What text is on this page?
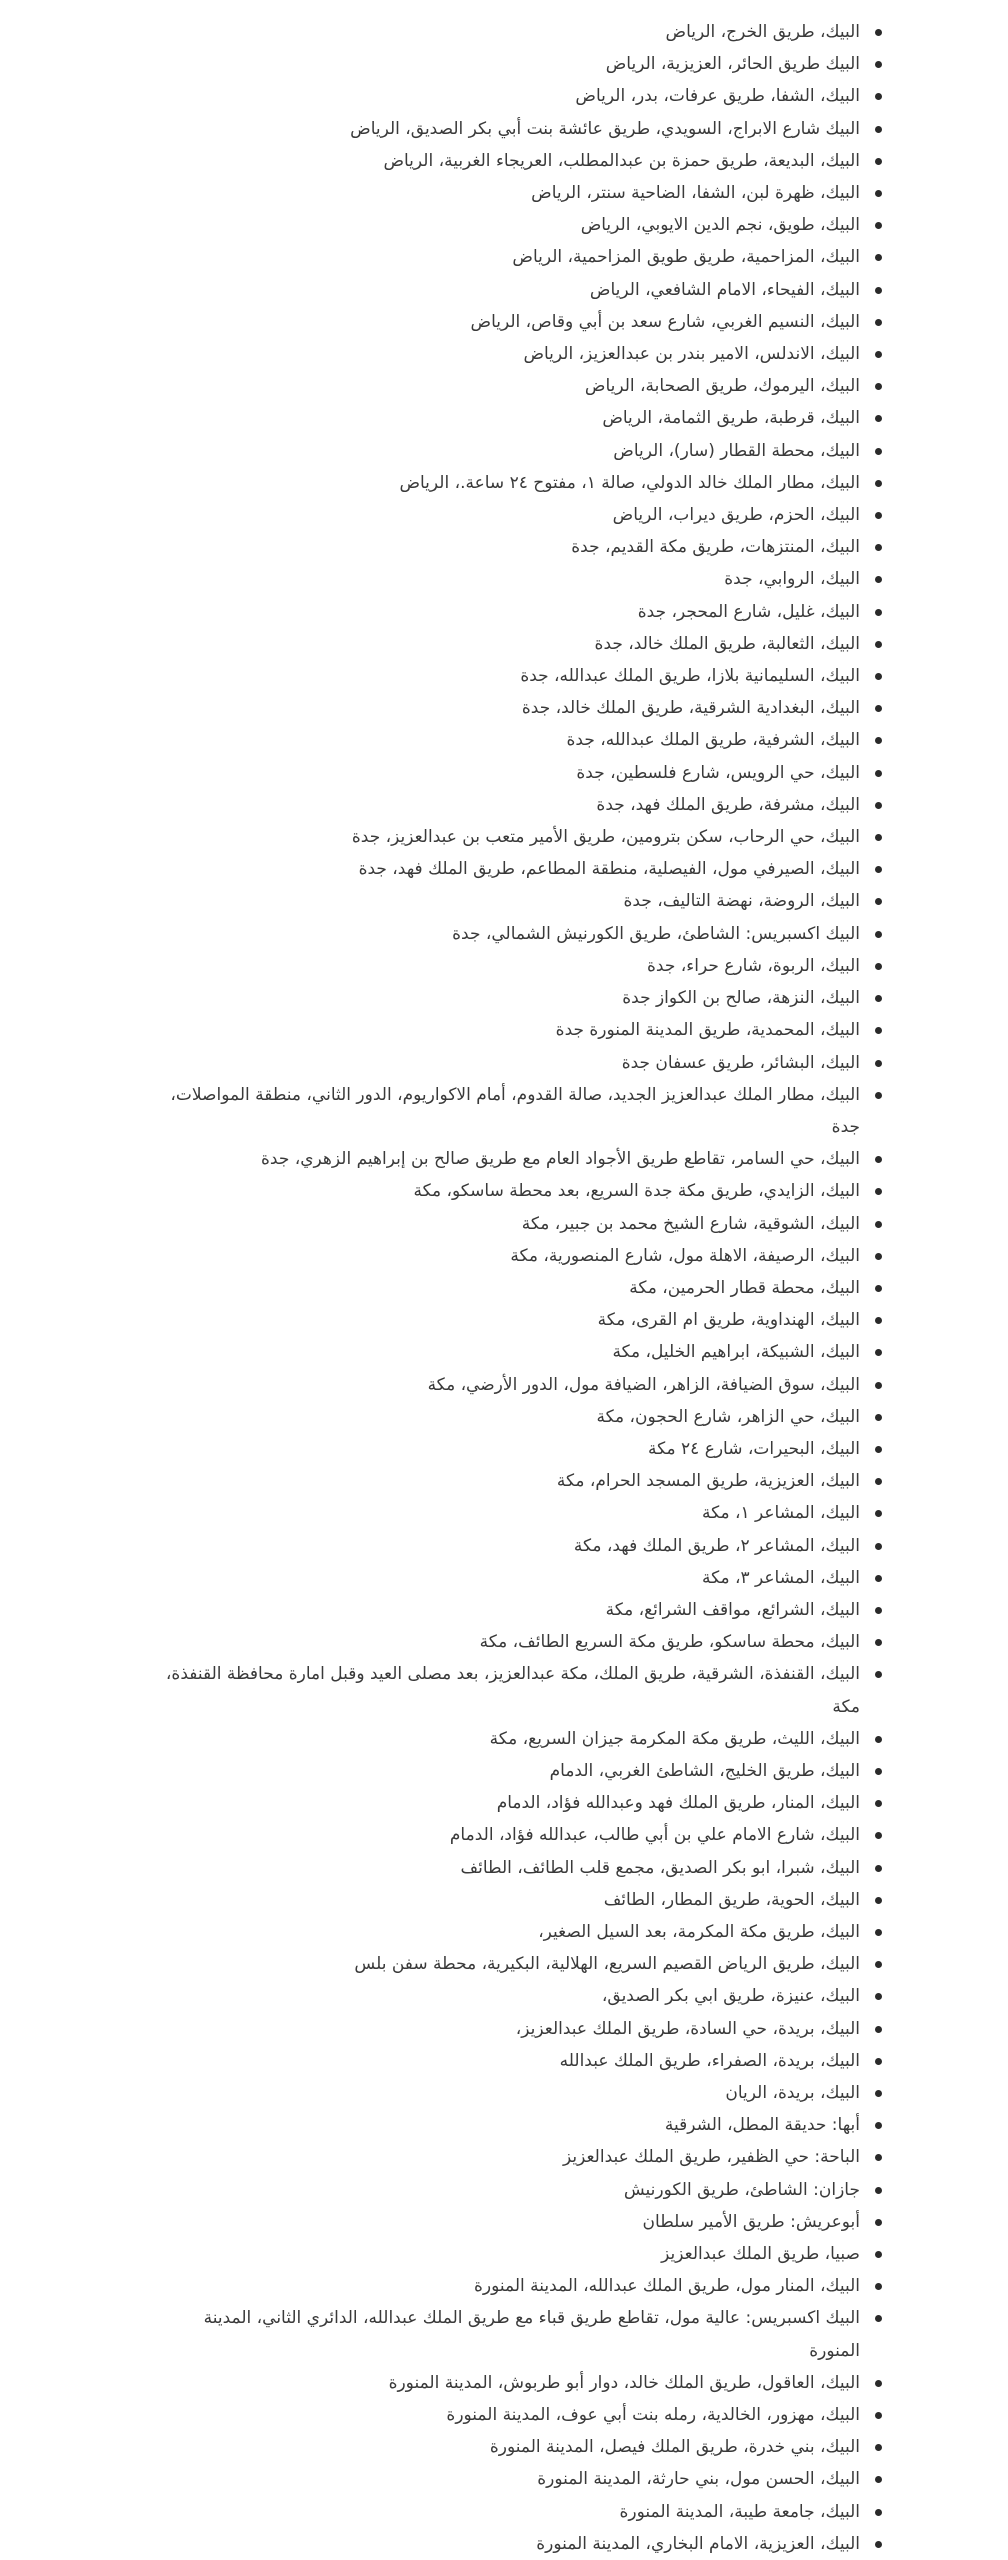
البيك، طريق الخرج، الرياض
البيك طريق الحائر، العزيزية، الرياض
البيك، الشفا، طريق عرفات، بدر، الرياض
البيك شارع الابراج، السويدي، طريق عائشة بنت أبي بكر الصديق، الرياض
البيك، البديعة، طريق حمزة بن عبدالمطلب، العريجاء الغربية، الرياض
البيك، ظهرة لبن، الشفا، الضاحية سنتر، الرياض
البيك، طويق، نجم الدين الايوبي، الرياض
البيك، المزاحمية، طريق طويق المزاحمية، الرياض
البيك، الفيحاء، الامام الشافعي، الرياض
البيك، النسيم الغربي، شارع سعد بن أبي وقاص، الرياض
البيك، الاندلس، الامير بندر بن عبدالعزيز، الرياض
البيك، اليرموك، طريق الصحابة، الرياض
البيك، قرطبة، طريق الثمامة، الرياض
البيك، محطة القطار (سار)، الرياض
البيك، مطار الملك خالد الدولي، صالة ١، مفتوح ٢٤ ساعة.، الرياض
البيك، الحزم، طريق ديراب، الرياض
البيك، المنتزهات، طريق مكة القديم، جدة
البيك، الروابي، جدة
البيك، غليل، شارع المحجر، جدة
البيك، الثعالبة، طريق الملك خالد، جدة
البيك، السليمانية بلازا، طريق الملك عبدالله، جدة
البيك، البغدادية الشرقية، طريق الملك خالد، جدة
البيك، الشرفية، طريق الملك عبدالله، جدة
البيك، حي الرويس، شارع فلسطين، جدة
البيك، مشرفة، طريق الملك فهد، جدة
البيك، حي الرحاب، سكن بترومين، طريق الأمير متعب بن عبدالعزيز، جدة
البيك، الصيرفي مول، الفيصلية، منطقة المطاعم، طريق الملك فهد، جدة
البيك، الروضة، نهضة التاليف، جدة
البيك اكسبريس: الشاطئ، طريق الكورنيش الشمالي، جدة
البيك، الربوة، شارع حراء، جدة
البيك، النزهة، صالح بن الكواز جدة
البيك، المحمدية، طريق المدينة المنورة جدة
البيك، البشائر، طريق عسفان جدة
البيك، مطار الملك عبدالعزيز الجديد، صالة القدوم، أمام الاكواريوم، الدور الثاني، منطقة المواصلات، جدة
البيك، حي السامر، تقاطع طريق الأجواد العام مع طريق صالح بن إبراهيم الزهري، جدة
البيك، الزايدي، طريق مكة جدة السريع، بعد محطة ساسكو، مكة
البيك، الشوقية، شارع الشيخ محمد بن جبير، مكة
البيك، الرصيفة، الاهلة مول، شارع المنصورية، مكة
البيك، محطة قطار الحرمين، مكة
البيك، الهنداوية، طريق ام القرى، مكة
البيك، الشبيكة، ابراهيم الخليل، مكة
البيك، سوق الضيافة، الزاهر، الضيافة مول، الدور الأرضي، مكة
البيك، حي الزاهر، شارع الحجون، مكة
البيك، البحيرات، شارع ٢٤ مكة
البيك، العزيزية، طريق المسجد الحرام، مكة
البيك، المشاعر ١، مكة
البيك، المشاعر ٢، طريق الملك فهد، مكة
البيك، المشاعر ٣، مكة
البيك، الشرائع، مواقف الشرائع، مكة
البيك، محطة ساسكو، طريق مكة السريع الطائف، مكة
البيك، القنفذة، الشرقية، طريق الملك، مكة عبدالعزيز، بعد مصلى العيد وقبل امارة محافظة القنفذة، مكة
البيك، الليث، طريق مكة المكرمة جيزان السريع، مكة
البيك، طريق الخليج، الشاطئ الغربي، الدمام
البيك، المنار، طريق الملك فهد وعبدالله فؤاد، الدمام
البيك، شارع الامام علي بن أبي طالب، عبدالله فؤاد، الدمام
البيك، شبرا، ابو بكر الصديق، مجمع قلب الطائف، الطائف
البيك، الحوية، طريق المطار، الطائف
البيك، طريق مكة المكرمة، بعد السيل الصغير،
البيك، طريق الرياض القصيم السريع، الهلالية، البكيرية، محطة سفن بلس
البيك، عنيزة، طريق ابي بكر الصديق،
البيك، بريدة، حي السادة، طريق الملك عبدالعزيز،
البيك، بريدة، الصفراء، طريق الملك عبدالله
البيك، بريدة، الريان
أبها: حديقة المطل، الشرقية
الباحة: حي الظفير، طريق الملك عبدالعزيز
جازان: الشاطئ، طريق الكورنيش
أبوعريش: طريق الأمير سلطان
صبيا، طريق الملك عبدالعزيز
البيك، المنار مول، طريق الملك عبدالله، المدينة المنورة
البيك اكسبريس: عالية مول، تقاطع طريق قباء مع طريق الملك عبدالله، الدائري الثاني، المدينة المنورة
البيك، العاقول، طريق الملك خالد، دوار أبو طربوش، المدينة المنورة
البيك، مهزور، الخالدية، رمله بنت أبي عوف، المدينة المنورة
البيك، بني خدرة، طريق الملك فيصل، المدينة المنورة
البيك، الحسن مول، بني حارثة، المدينة المنورة
البيك، جامعة طيبة، المدينة المنورة
البيك، العزيزية، الامام البخاري، المدينة المنورة
